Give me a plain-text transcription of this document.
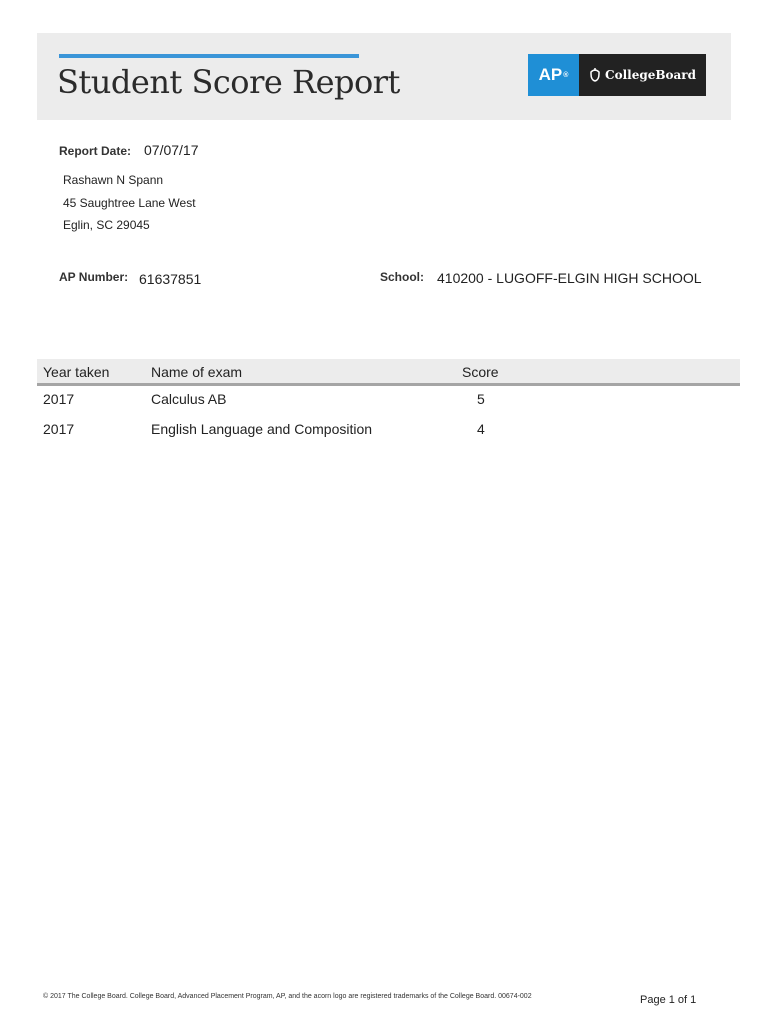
Student Score Report	AP ®	CollegeBoard
Report Date: 07/07/17
Rashawn N Spann
45 Saughtree Lane West
Eglin, SC 29045
AP Number: 61637851	School: 410200 - LUGOFF-ELGIN HIGH SCHOOL
Year taken	Name of exam	Score
2017	Calculus AB	5
2017	English Language and Composition	4
© 2017 The College Board. College Board, Advanced Placement Program, AP, and the acorn logo are registered trademarks of the College Board. 00674-002	Page 1 of 1
